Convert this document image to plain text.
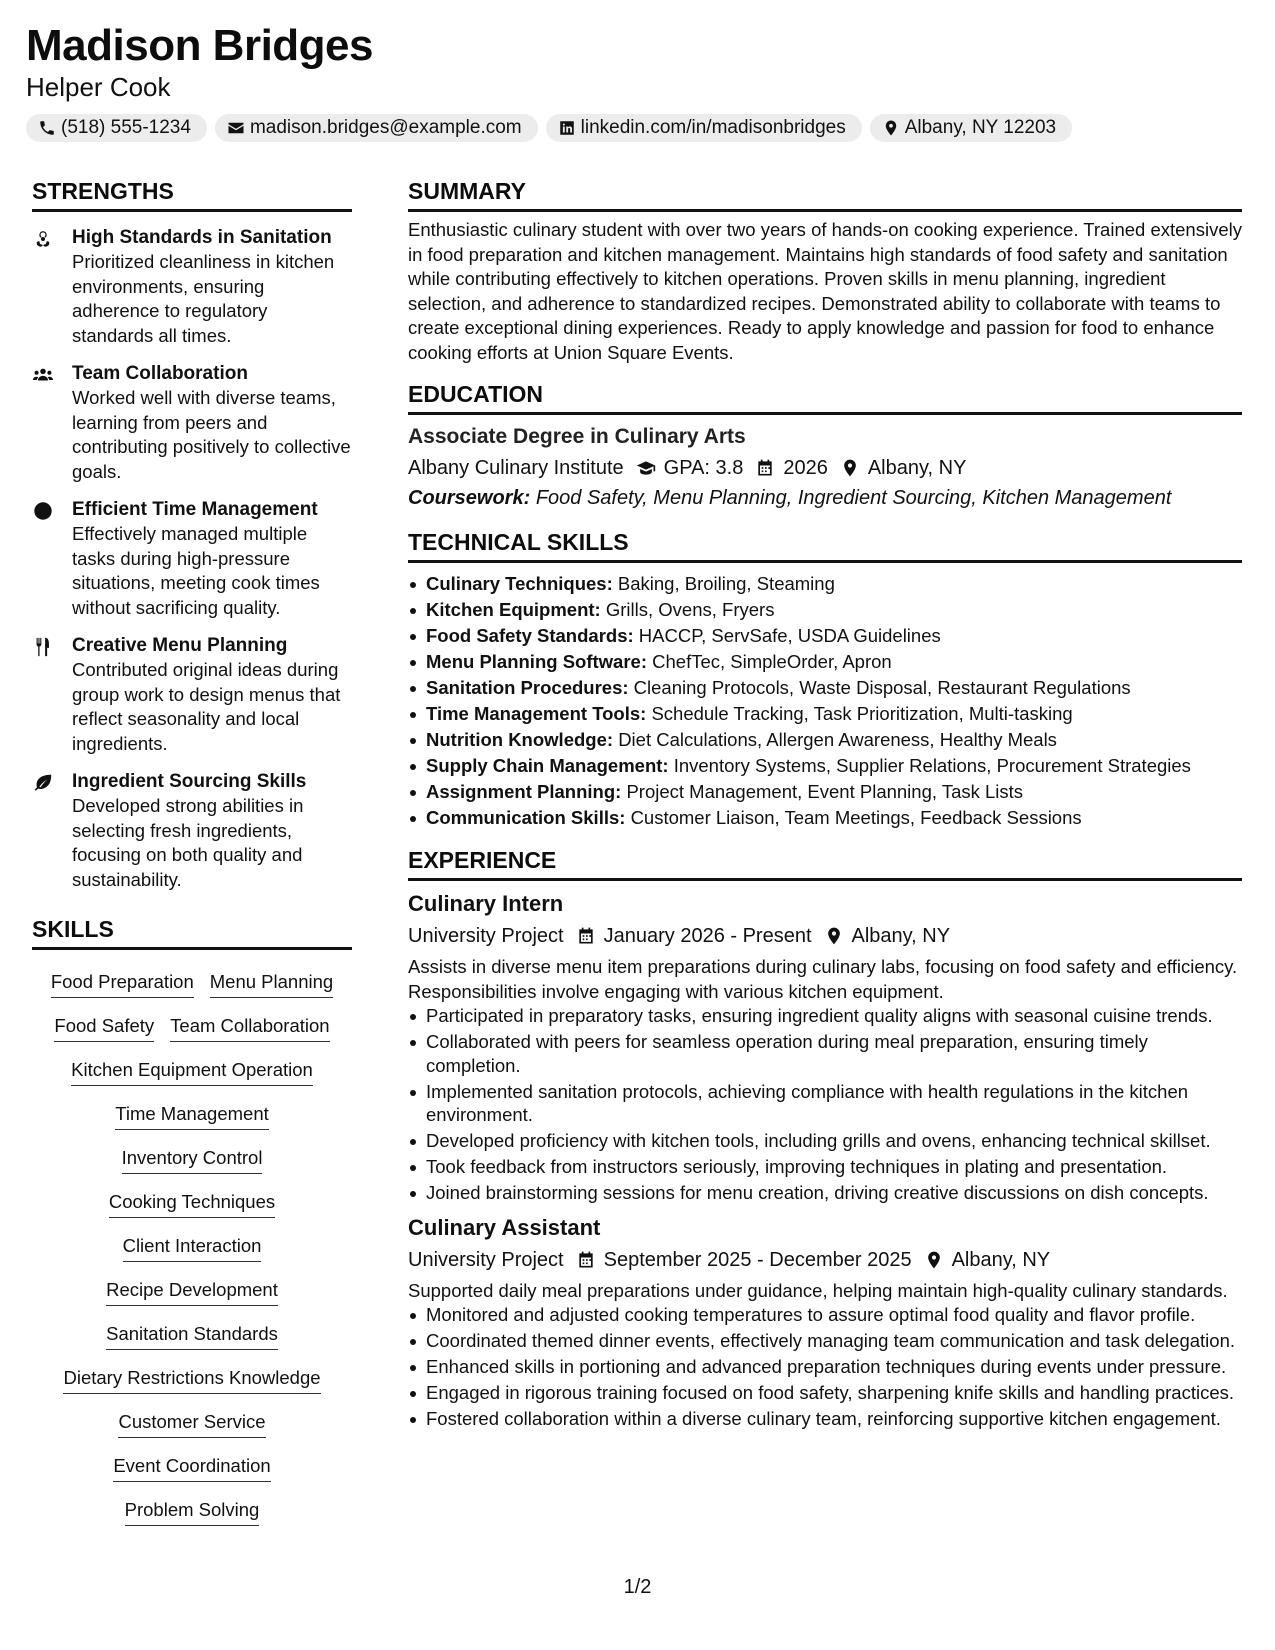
Madison Bridges
Helper Cook
(518) 555-1234	madison.bridges@example.com	linkedin.com/in/madisonbridges	Albany, NY 12203
STRENGTHS
High Standards in Sanitation
Prioritized cleanliness in kitchen environments, ensuring adherence to regulatory standards all times.
Team Collaboration
Worked well with diverse teams, learning from peers and contributing positively to collective goals.
Efficient Time Management
Effectively managed multiple tasks during high-pressure situations, meeting cook times without sacrificing quality.
Creative Menu Planning
Contributed original ideas during group work to design menus that reflect seasonality and local ingredients.
Ingredient Sourcing Skills
Developed strong abilities in selecting fresh ingredients, focusing on both quality and sustainability.
SKILLS
Food Preparation Menu Planning
Food Safety Team Collaboration
Kitchen Equipment Operation
Time Management
Inventory Control
Cooking Techniques
Client Interaction
Recipe Development
Sanitation Standards
Dietary Restrictions Knowledge
Customer Service
Event Coordination
Problem Solving
SUMMARY
Enthusiastic culinary student with over two years of hands-on cooking experience. Trained extensively in food preparation and kitchen management. Maintains high standards of food safety and sanitation while contributing effectively to kitchen operations. Proven skills in menu planning, ingredient selection, and adherence to standardized recipes. Demonstrated ability to collaborate with teams to create exceptional dining experiences. Ready to apply knowledge and passion for food to enhance cooking efforts at Union Square Events.
EDUCATION
Associate Degree in Culinary Arts
Albany Culinary Institute GPA: 3.8 2026 Albany, NY
Coursework: Food Safety, Menu Planning, Ingredient Sourcing, Kitchen Management
TECHNICAL SKILLS
Culinary Techniques: Baking, Broiling, Steaming
Kitchen Equipment: Grills, Ovens, Fryers
Food Safety Standards: HACCP, ServSafe, USDA Guidelines
Menu Planning Software: ChefTec, SimpleOrder, Apron
Sanitation Procedures: Cleaning Protocols, Waste Disposal, Restaurant Regulations
Time Management Tools: Schedule Tracking, Task Prioritization, Multi-tasking
Nutrition Knowledge: Diet Calculations, Allergen Awareness, Healthy Meals
Supply Chain Management: Inventory Systems, Supplier Relations, Procurement Strategies
Assignment Planning: Project Management, Event Planning, Task Lists
Communication Skills: Customer Liaison, Team Meetings, Feedback Sessions
EXPERIENCE
Culinary Intern
University Project January 2026 - Present Albany, NY
Assists in diverse menu item preparations during culinary labs, focusing on food safety and efficiency. Responsibilities involve engaging with various kitchen equipment.
Participated in preparatory tasks, ensuring ingredient quality aligns with seasonal cuisine trends.
Collaborated with peers for seamless operation during meal preparation, ensuring timely completion.
Implemented sanitation protocols, achieving compliance with health regulations in the kitchen environment.
Developed proficiency with kitchen tools, including grills and ovens, enhancing technical skillset.
Took feedback from instructors seriously, improving techniques in plating and presentation.
Joined brainstorming sessions for menu creation, driving creative discussions on dish concepts.
Culinary Assistant
University Project September 2025 - December 2025 Albany, NY
Supported daily meal preparations under guidance, helping maintain high-quality culinary standards.
Monitored and adjusted cooking temperatures to assure optimal food quality and flavor profile.
Coordinated themed dinner events, effectively managing team communication and task delegation.
Enhanced skills in portioning and advanced preparation techniques during events under pressure.
Engaged in rigorous training focused on food safety, sharpening knife skills and handling practices.
Fostered collaboration within a diverse culinary team, reinforcing supportive kitchen engagement.
1/2
